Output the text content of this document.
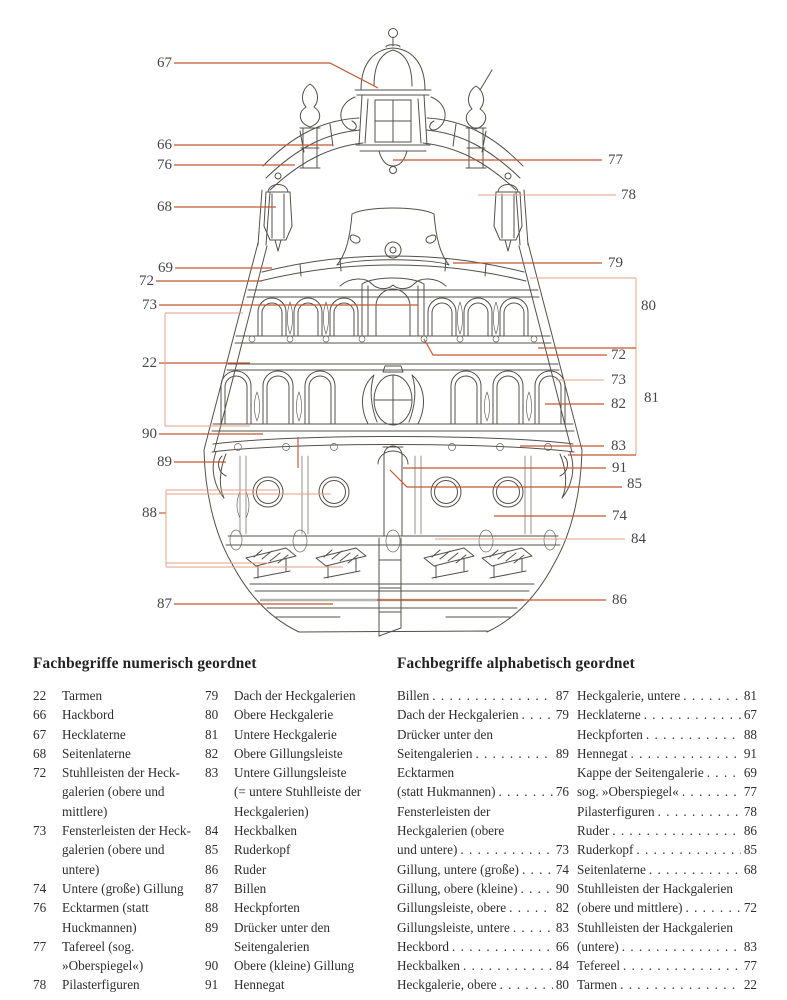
67
66
76
68
69
72
73
22
90
89
88
87
77
78
79
80
72
73
82	81
83
91
85
74
84
86
Fachbegriffe numerisch geordnet
22	Tarmen
66	Hackbord
67	Hecklaterne
68	Seitenlaterne
72	Stuhlleisten der Heck-
galerien (obere und
mittlere)
73	Fensterleisten der Heck-
galerien (obere und
untere)
74	Untere (große) Gillung
76	Ecktarmen (statt
Huckmannen)
77	Tafereel (sog.
»Oberspiegel«)
78	Pilasterfiguren
79	Dach der Heckgalerien
80	Obere Heckgalerie
81	Untere Heckgalerie
82	Obere Gillungsleiste
83	Untere Gillungsleiste
(= untere Stuhlleiste der
Heckgalerien)
84	Heckbalken
85	Ruderkopf
86	Ruder
87	Billen
88	Heckpforten
89	Drücker unter den
Seitengalerien
90	Obere (kleine) Gillung
91	Hennegat
Fachbegriffe alphabetisch geordnet
Billen . . .	87
Dach der Heckgalerien . . .	79
Drücker unter den
Seitengalerien . . .	89
Ecktarmen
(statt Hukmannen) . . .	76
Fensterleisten der
Heckgalerien (obere
und untere) . . .	73
Gillung, untere (große) . . .	74
Gillung, obere (kleine) . . .	90
Gillungsleiste, obere . . .	82
Gillungsleiste, untere . . .	83
Heckbord . . .	66
Heckbalken . . .	84
Heckgalerie, obere . . .	80
Heckgalerie, untere . . .	81
Hecklaterne . . .	67
Heckpforten . . .	88
Hennegat . . .	91
Kappe der Seitengalerie . . .	69
sog. »Oberspiegel« . . .	77
Pilasterfiguren . . .	78
Ruder . . .	86
Ruderkopf . . .	85
Seitenlaterne . . .	68
Stuhlleisten der Hackgalerien
(obere und mittlere) . . .	72
Stuhlleisten der Hackgalerien
(untere) . . .	83
Tefereel . . .	77
Tarmen . . .	22
